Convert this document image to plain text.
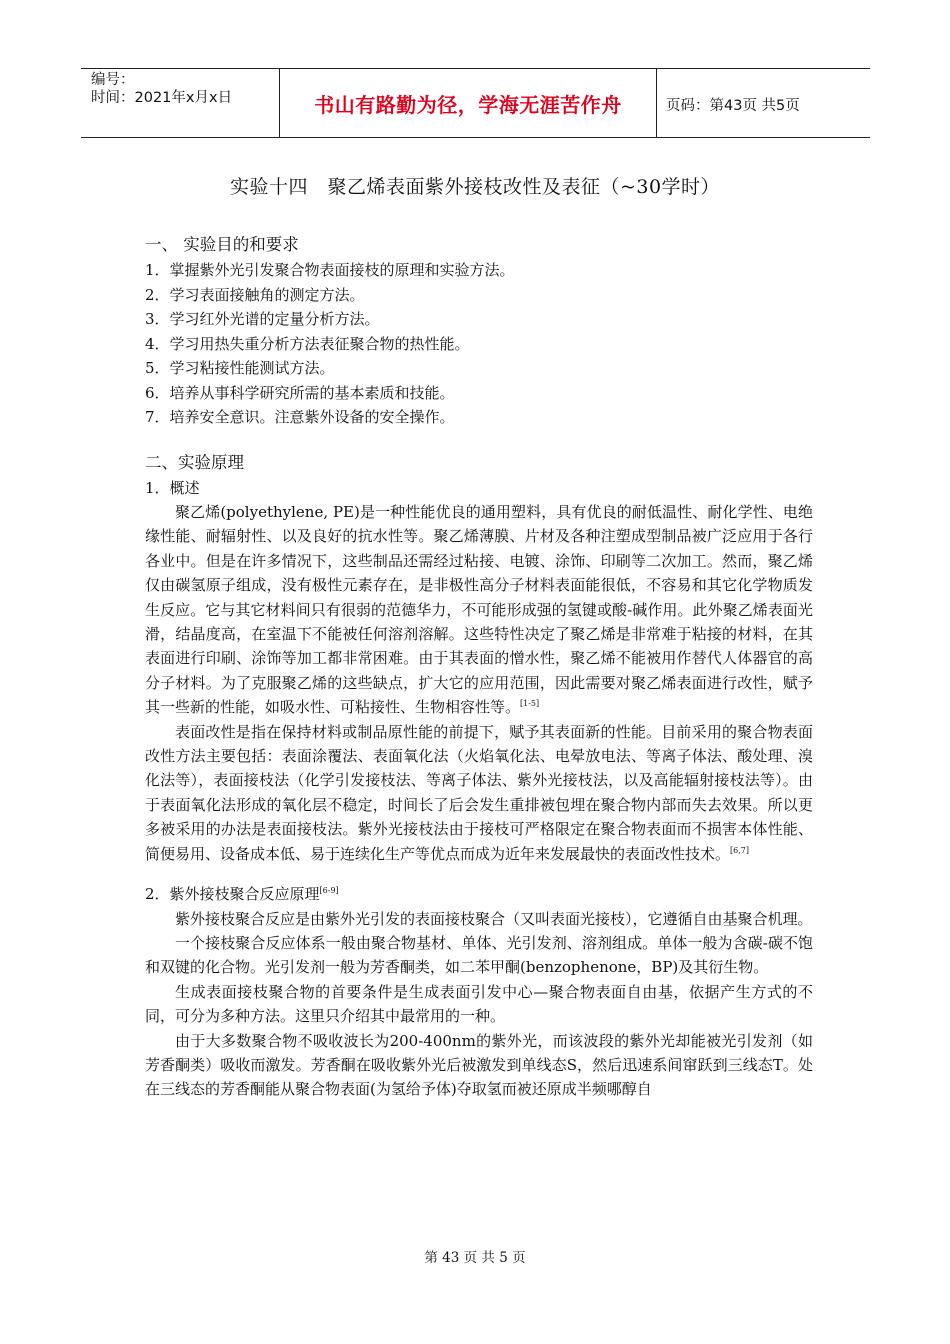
编号：
时间：2021年x月x日	书山有路勤为径，学海无涯苦作舟	页码：第43页 共5页
实验十四　聚乙烯表面紫外接枝改性及表征（~30学时）
一、 实验目的和要求
1．掌握紫外光引发聚合物表面接枝的原理和实验方法。
2．学习表面接触角的测定方法。
3．学习红外光谱的定量分析方法。
4．学习用热失重分析方法表征聚合物的热性能。
5．学习粘接性能测试方法。
6．培养从事科学研究所需的基本素质和技能。
7．培养安全意识。注意紫外设备的安全操作。
二、实验原理
1．概述

聚乙烯(polyethylene, PE)是一种性能优良的通用塑料，具有优良的耐低温性、耐化学性、电绝缘性能、耐辐射性、以及良好的抗水性等。聚乙烯薄膜、片材及各种注塑成型制品被广泛应用于各行各业中。但是在许多情况下，这些制品还需经过粘接、电镀、涂饰、印刷等二次加工。然而，聚乙烯仅由碳氢原子组成，没有极性元素存在，是非极性高分子材料表面能很低，不容易和其它化学物质发生反应。它与其它材料间只有很弱的范德华力，不可能形成强的氢键或酸-碱作用。此外聚乙烯表面光滑，结晶度高，在室温下不能被任何溶剂溶解。这些特性决定了聚乙烯是非常难于粘接的材料，在其表面进行印刷、涂饰等加工都非常困难。由于其表面的憎水性，聚乙烯不能被用作替代人体器官的高分子材料。为了克服聚乙烯的这些缺点，扩大它的应用范围，因此需要对聚乙烯表面进行改性，赋予其一些新的性能，如吸水性、可粘接性、生物相容性等。[1-5]

表面改性是指在保持材料或制品原性能的前提下，赋予其表面新的性能。目前采用的聚合物表面改性方法主要包括：表面涂覆法、表面氧化法（火焰氧化法、电晕放电法、等离子体法、酸处理、溴化法等），表面接枝法（化学引发接枝法、等离子体法、紫外光接枝法，以及高能辐射接枝法等）。由于表面氧化法形成的氧化层不稳定，时间长了后会发生重排被包埋在聚合物内部而失去效果。所以更多被采用的办法是表面接枝法。紫外光接枝法由于接枝可严格限定在聚合物表面而不损害本体性能、简便易用、设备成本低、易于连续化生产等优点而成为近年来发展最快的表面改性技术。[6,7]

2．紫外接枝聚合反应原理[6-9]

紫外接枝聚合反应是由紫外光引发的表面接枝聚合（又叫表面光接枝），它遵循自由基聚合机理。

一个接枝聚合反应体系一般由聚合物基材、单体、光引发剂、溶剂组成。单体一般为含碳-碳不饱和双键的化合物。光引发剂一般为芳香酮类，如二苯甲酮(benzophenone，BP)及其衍生物。

生成表面接枝聚合物的首要条件是生成表面引发中心—聚合物表面自由基，依据产生方式的不同，可分为多种方法。这里只介绍其中最常用的一种。

由于大多数聚合物不吸收波长为200-400nm的紫外光，而该波段的紫外光却能被光引发剂（如芳香酮类）吸收而激发。芳香酮在吸收紫外光后被激发到单线态S，然后迅速系间窜跃到三线态T。处在三线态的芳香酮能从聚合物表面(为氢给予体)夺取氢而被还原成半频哪醇自

第 43 页 共 5 页
